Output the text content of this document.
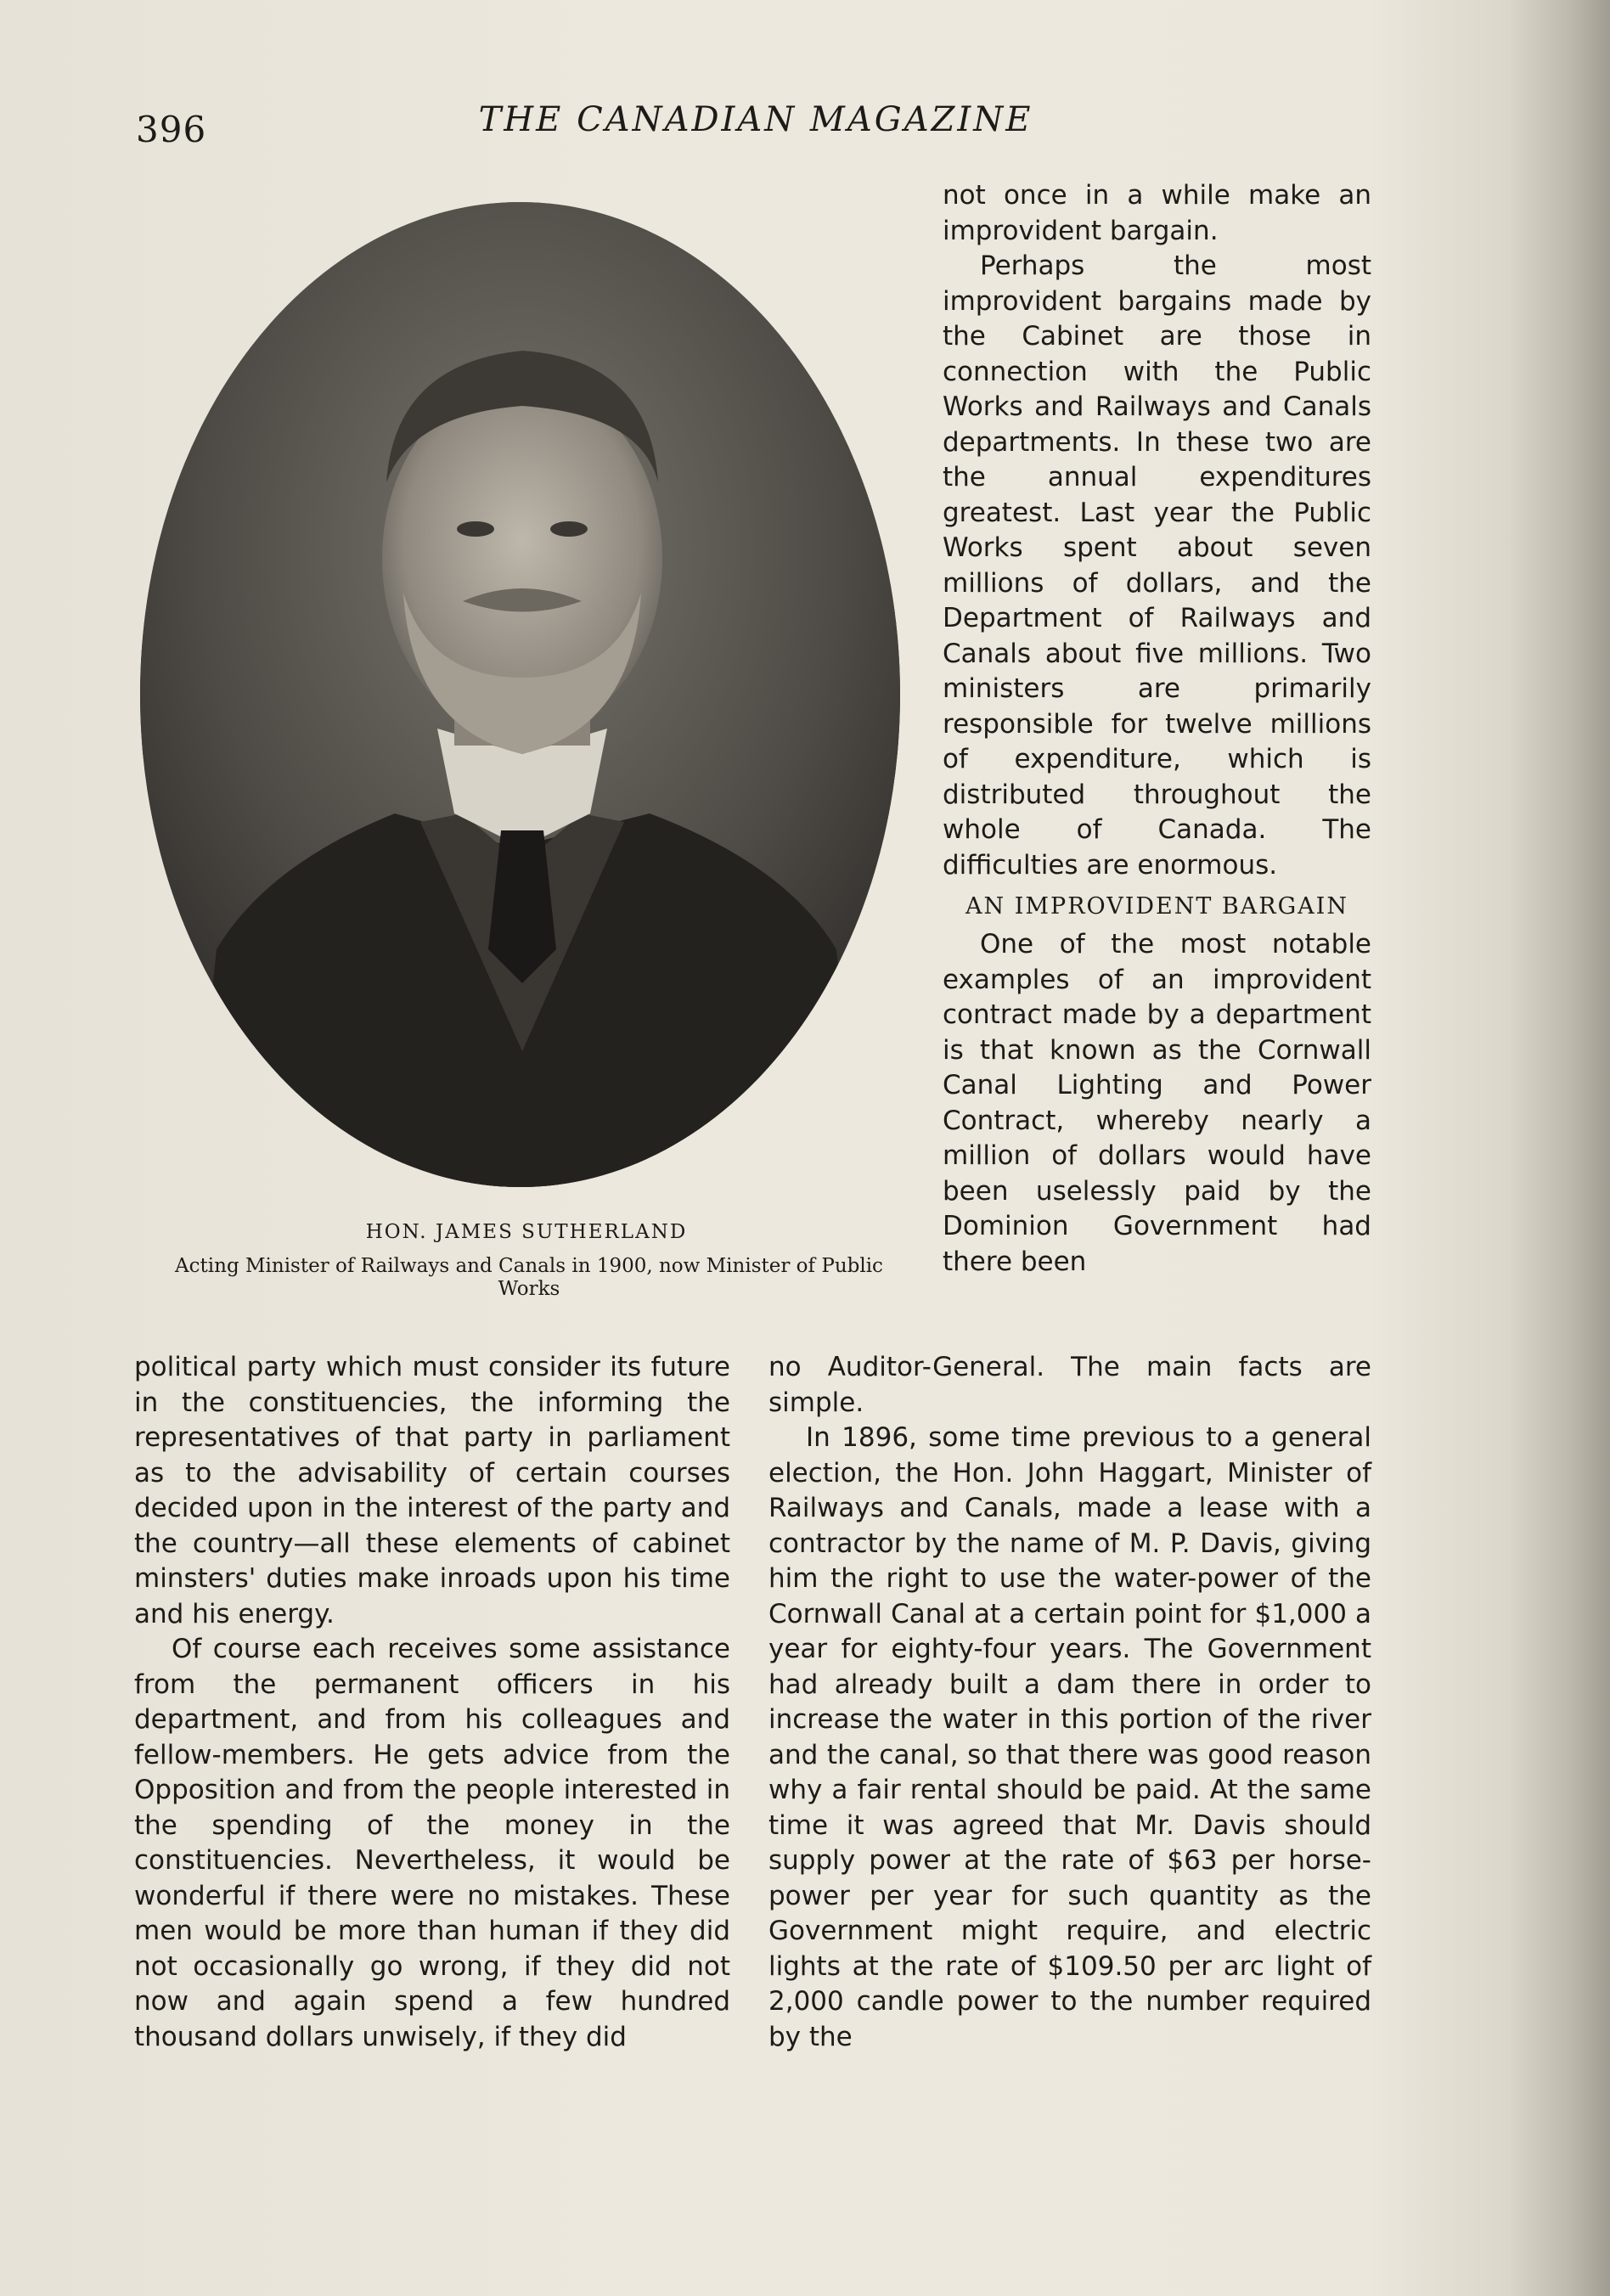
396	THE CANADIAN MAGAZINE
HON. JAMES SUTHERLAND
Acting Minister of Railways and Canals in 1900, now Minister of Public Works

not once in a while make an improvident bargain.

Perhaps the most improvident bargains made by the Cabinet are those in connection with the Public Works and Railways and Canals departments. In these two are the annual expenditures greatest. Last year the Public Works spent about seven millions of dollars, and the Department of Railways and Canals about five millions. Two ministers are primarily responsible for twelve millions of expenditure, which is distributed throughout the whole of Canada. The difficulties are enormous.

AN IMPROVIDENT BARGAIN

One of the most notable examples of an improvident contract made by a department is that known as the Cornwall Canal Lighting and Power Contract, whereby nearly a million of dollars would have been uselessly paid by the Dominion Government had there been

political party which must consider its future in the constituencies, the informing the representatives of that party in parliament as to the advisability of certain courses decided upon in the interest of the party and the country—all these elements of cabinet minsters' duties make inroads upon his time and his energy.

Of course each receives some assistance from the permanent officers in his department, and from his colleagues and fellow-members. He gets advice from the Opposition and from the people interested in the spending of the money in the constituencies. Nevertheless, it would be wonderful if there were no mistakes. These men would be more than human if they did not occasionally go wrong, if they did not now and again spend a few hundred thousand dollars unwisely, if they did

no Auditor-General. The main facts are simple.

In 1896, some time previous to a general election, the Hon. John Haggart, Minister of Railways and Canals, made a lease with a contractor by the name of M. P. Davis, giving him the right to use the water-power of the Cornwall Canal at a certain point for $1,000 a year for eighty-four years. The Government had already built a dam there in order to increase the water in this portion of the river and the canal, so that there was good reason why a fair rental should be paid. At the same time it was agreed that Mr. Davis should supply power at the rate of $63 per horse-power per year for such quantity as the Government might require, and electric lights at the rate of $109.50 per arc light of 2,000 candle power to the number required by the
